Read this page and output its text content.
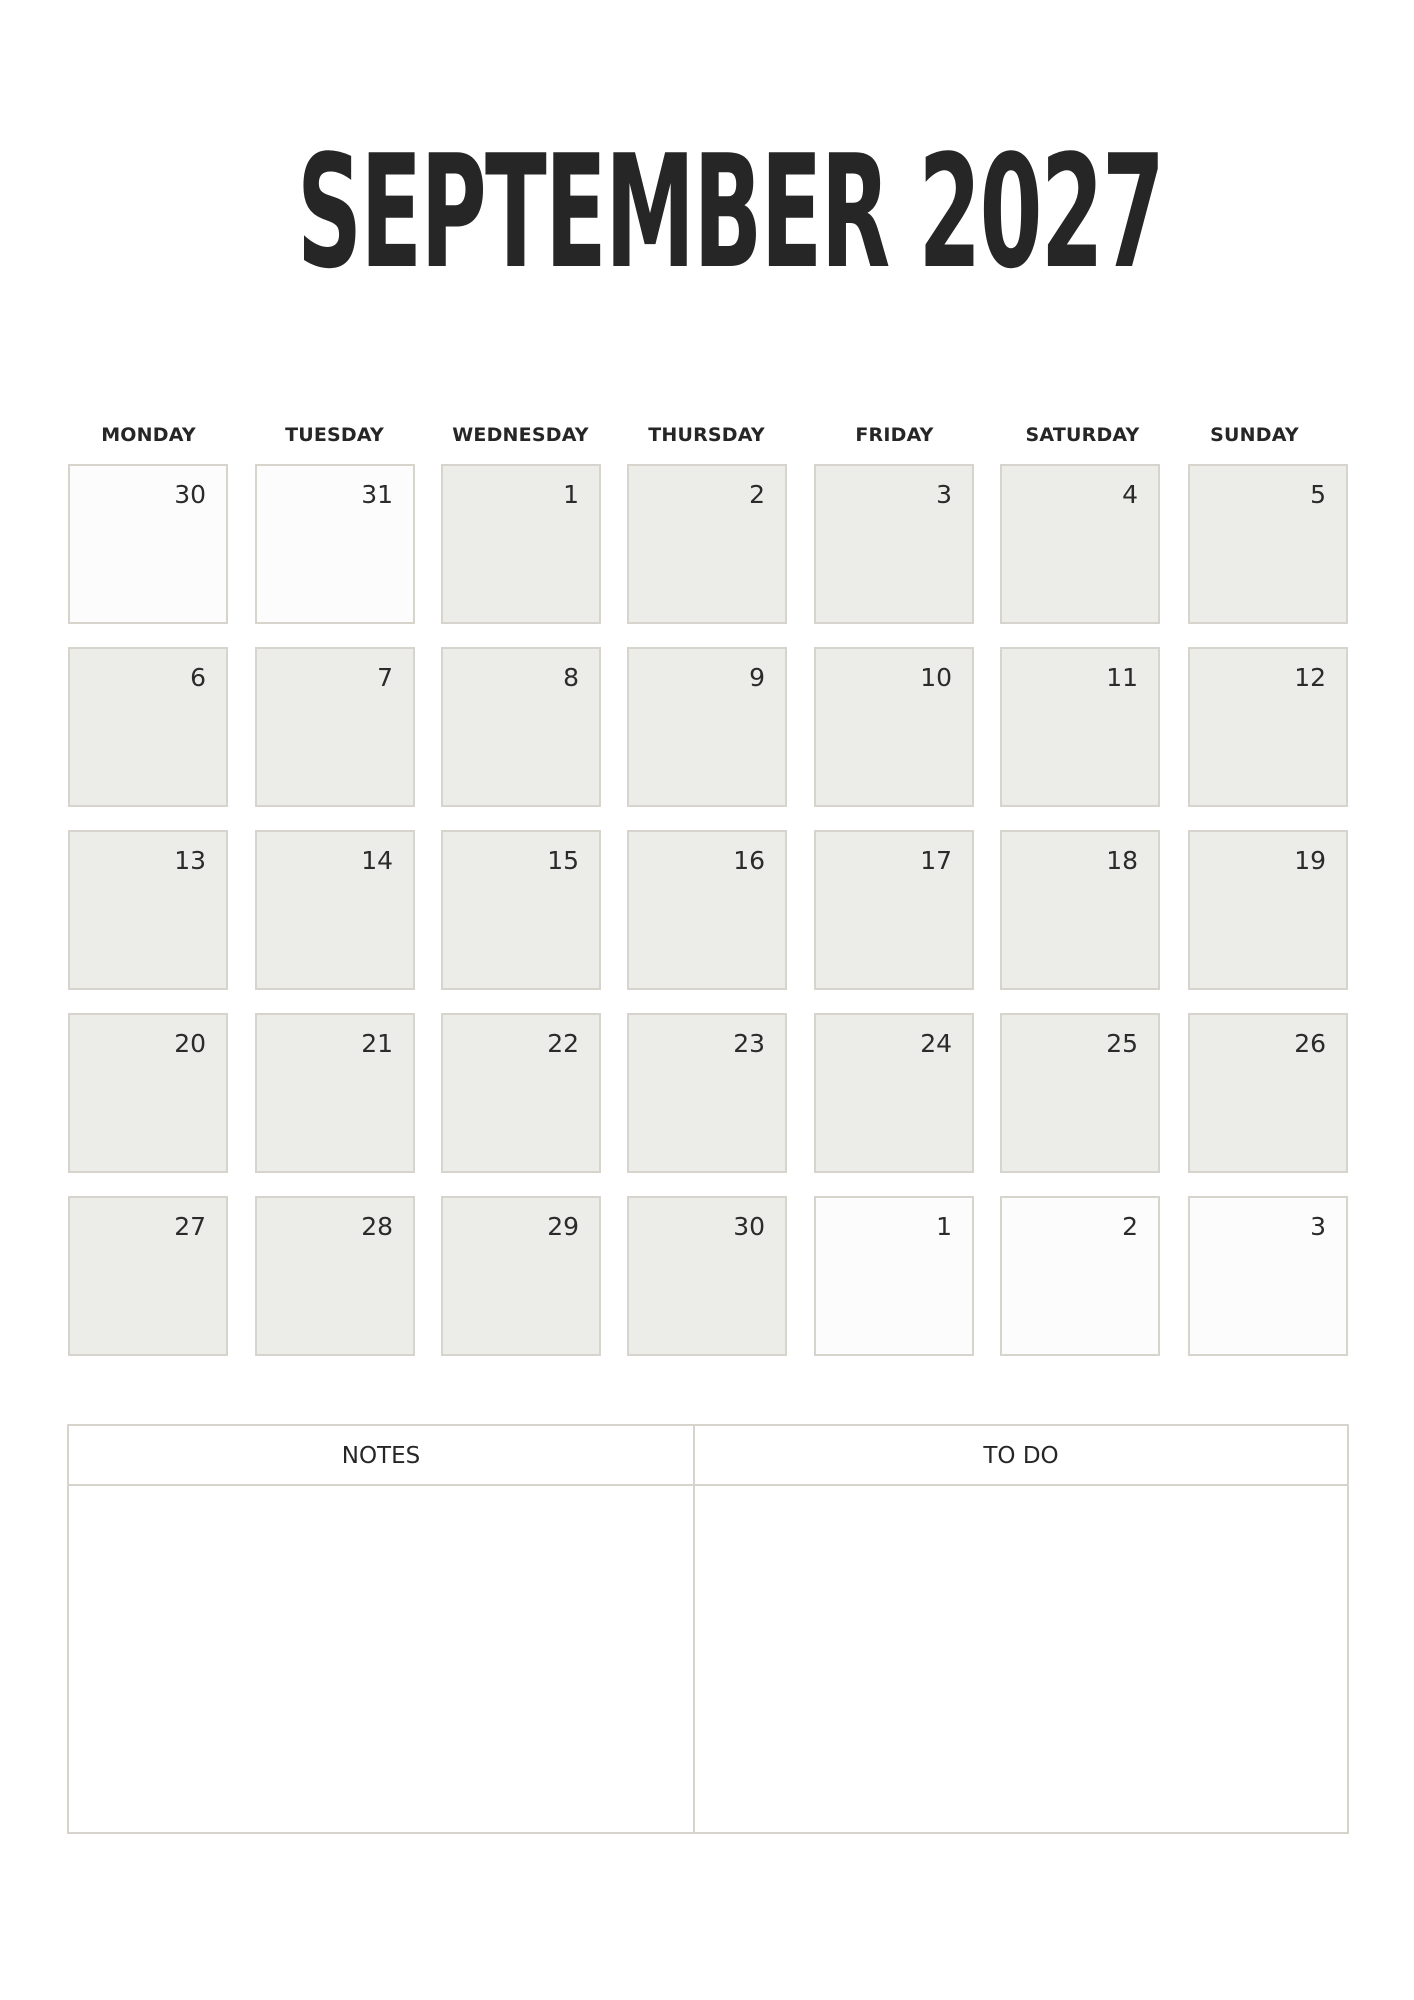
SEPTEMBER 2027
MONDAY	TUESDAY	WEDNESDAY	THURSDAY	FRIDAY	SATURDAY	SUNDAY
30	31	1	2	3	4	5
6	7	8	9	10	11	12
13	14	15	16	17	18	19
20	21	22	23	24	25	26
27	28	29	30	1	2	3
NOTES	TO DO
